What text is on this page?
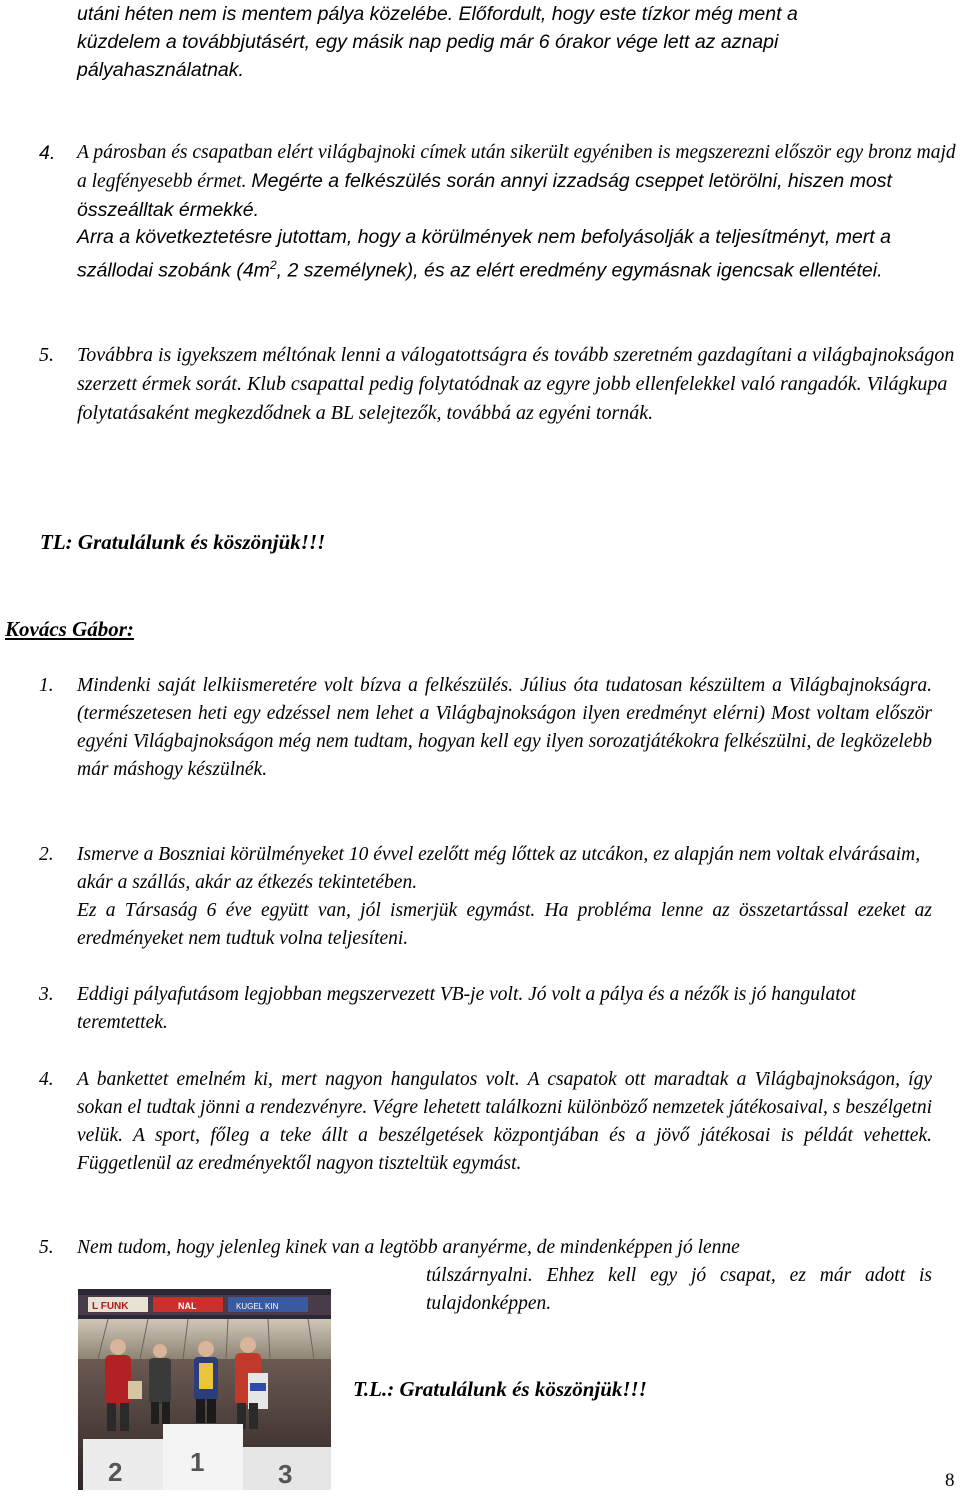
utáni héten nem is mentem pálya közelébe. Előfordult, hogy este tízkor még ment a
küzdelem a továbbjutásért, egy másik nap pedig már 6 órakor vége lett az aznapi
pályahasználatnak.
4. A párosban és csapatban elért világbajnoki címek után sikerült egyéniben is megszerezni először egy bronz majd a legfényesebb érmet. Megérte a felkészülés során annyi izzadság cseppet letörölni, hiszen most összeálltak érmekké.
Arra a következtetésre jutottam, hogy a körülmények nem befolyásolják a teljesítményt, mert a szállodai szobánk ($4m^2$, 2 személynek), és az elért eredmény egymásnak igencsak ellentétei.
5. Továbbra is igyekszem méltónak lenni a válogatottságra és tovább szeretném gazdagítani a világbajnokságon szerzett érmek sorát. Klub csapattal pedig folytatódnak az egyre jobb ellenfelekkel való rangadók. Világkupa folytatásaként megkezdődnek a BL selejtezők, továbbá az egyéni tornák.
TL: Gratulálunk és köszönjük!!!
Kovács Gábor:
1. Mindenki saját lelkiismeretére volt bízva a felkészülés. Július óta tudatosan készültem a Világbajnokságra. (természetesen heti egy edzéssel nem lehet a Világbajnokságon ilyen eredményt elérni) Most voltam először egyéni Világbajnokságon még nem tudtam, hogyan kell egy ilyen sorozatjátékokra felkészülni, de legközelebb már máshogy készülnék.
2. Ismerve a Boszniai körülményeket 10 évvel ezelőtt még lőttek az utcákon, ez alapján nem voltak elvárásaim, akár a szállás, akár az étkezés tekintetében.
Ez a Társaság 6 éve együtt van, jól ismerjük egymást. Ha probléma lenne az összetartással ezeket az eredményeket nem tudtuk volna teljesíteni.
3. Eddigi pályafutásom legjobban megszervezett VB-je volt. Jó volt a pálya és a nézők is jó hangulatot teremtettek.
4. A bankettet emelném ki, mert nagyon hangulatos volt. A csapatok ott maradtak a Világbajnokságon, így sokan el tudtak jönni a rendezvényre. Végre lehetett találkozni különböző nemzetek játékosaival, s beszélgetni velük. A sport, főleg a teke állt a beszélgetések központjában és a jövő játékosai is példát vehettek. Függetlenül az eredményektől nagyon tiszteltük egymást.
5. Nem tudom, hogy jelenleg kinek van a legtöbb aranyérme, de mindenképpen jó lenne
túlszárnyalni. Ehhez kell egy jó csapat, ez már adott is tulajdonképpen.
L FUNK	NAL	KUGEL KIN
2	1	3
T.L.: Gratulálunk és köszönjük!!!
8
